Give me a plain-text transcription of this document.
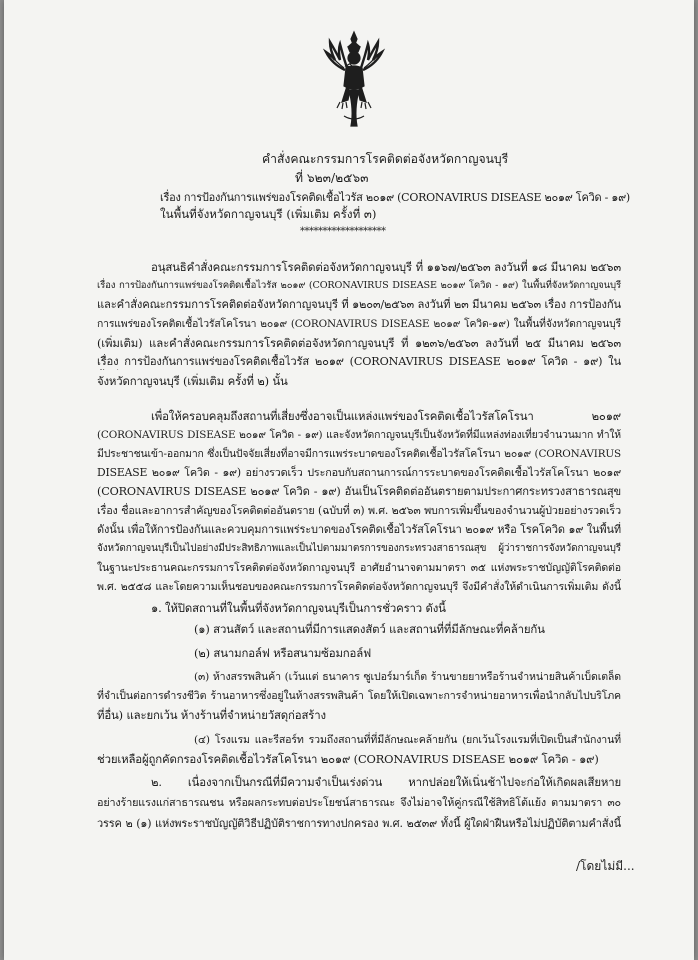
คำสั่งคณะกรรมการโรคติดต่อจังหวัดกาญจนบุรี
ที่ ๖๒๓/๒๕๖๓
เรื่อง การป้องกันการแพร่ของโรคติดเชื้อไวรัส ๒๐๑๙ (CORONAVIRUS DISEASE ๒๐๑๙ โควิด - ๑๙)
ในพื้นที่จังหวัดกาญจนบุรี (เพิ่มเติม ครั้งที่ ๓)
*******************
อนุสนธิคำสั่งคณะกรรมการโรคติดต่อจังหวัดกาญจนบุรี ที่ ๑๑๖๗/๒๕๖๓ ลงวันที่ ๑๘ มีนาคม ๒๕๖๓
เรื่อง การป้องกันการแพร่ของโรคติดเชื้อไวรัส ๒๐๑๙ (CORONAVIRUS DISEASE ๒๐๑๙ โควิด - ๑๙) ในพื้นที่จังหวัดกาญจนบุรี
และคำสั่งคณะกรรมการโรคติดต่อจังหวัดกาญจนบุรี ที่ ๑๒๐๓/๒๕๖๓ ลงวันที่ ๒๓ มีนาคม ๒๕๖๓ เรื่อง การป้องกัน
การแพร่ของโรคติดเชื้อไวรัสโคโรนา ๒๐๑๙ (CORONAVIRUS DISEASE ๒๐๑๙ โควิด-๑๙) ในพื้นที่จังหวัดกาญจนบุรี
(เพิ่มเติม) และคำสั่งคณะกรรมการโรคติดต่อจังหวัดกาญจนบุรี ที่ ๑๒๓๖/๒๕๖๓ ลงวันที่ ๒๕ มีนาคม ๒๕๖๓
เรื่อง การป้องกันการแพร่ของโรคติดเชื้อไวรัส ๒๐๑๙ (CORONAVIRUS DISEASE ๒๐๑๙ โควิด - ๑๙) ใน
จังหวัดกาญจนบุรี (เพิ่มเติม ครั้งที่ ๒) นั้น
เพื่อให้ครอบคลุมถึงสถานที่เสี่ยงซึ่งอาจเป็นแหล่งแพร่ของโรคติดเชื้อไวรัสโคโรนา ๒๐๑๙
(CORONAVIRUS DISEASE ๒๐๑๙ โควิด - ๑๙) และจังหวัดกาญจนบุรีเป็นจังหวัดที่มีแหล่งท่องเที่ยวจำนวนมาก ทำให้
มีประชาชนเข้า-ออกมาก ซึ่งเป็นปัจจัยเสี่ยงที่อาจมีการแพร่ระบาดของโรคติดเชื้อไวรัสโคโรนา ๒๐๑๙ (CORONAVIRUS
DISEASE ๒๐๑๙ โควิด - ๑๙) อย่างรวดเร็ว ประกอบกับสถานการณ์การระบาดของโรคติดเชื้อไวรัสโคโรนา ๒๐๑๙
(CORONAVIRUS DISEASE ๒๐๑๙ โควิด - ๑๙) อันเป็นโรคติดต่ออันตรายตามประกาศกระทรวงสาธารณสุข
เรื่อง ชื่อและอาการสำคัญของโรคติดต่ออันตราย (ฉบับที่ ๓) พ.ศ. ๒๕๖๓ พบการเพิ่มขึ้นของจำนวนผู้ป่วยอย่างรวดเร็ว
ดังนั้น เพื่อให้การป้องกันและควบคุมการแพร่ระบาดของโรคติดเชื้อไวรัสโคโรนา ๒๐๑๙ หรือ โรคโควิด ๑๙ ในพื้นที่
จังหวัดกาญจนบุรีเป็นไปอย่างมีประสิทธิภาพและเป็นไปตามมาตรการของกระทรวงสาธารณสุข ผู้ว่าราชการจังหวัดกาญจนบุรี
ในฐานะประธานคณะกรรมการโรคติดต่อจังหวัดกาญจนบุรี อาศัยอำนาจตามมาตรา ๓๕ แห่งพระราชบัญญัติโรคติดต่อ
พ.ศ. ๒๕๕๘ และโดยความเห็นชอบของคณะกรรมการโรคติดต่อจังหวัดกาญจนบุรี จึงมีคำสั่งให้ดำเนินการเพิ่มเติม ดังนี้
๑. ให้ปิดสถานที่ในพื้นที่จังหวัดกาญจนบุรีเป็นการชั่วคราว ดังนี้
(๑) สวนสัตว์ และสถานที่มีการแสดงสัตว์ และสถานที่ที่มีลักษณะที่คล้ายกัน
(๒) สนามกอล์ฟ หรือสนามซ้อมกอล์ฟ
(๓) ห้างสรรพสินค้า (เว้นแต่ ธนาคาร ซูเปอร์มาร์เก็ต ร้านขายยาหรือร้านจำหน่ายสินค้าเบ็ดเตล็ด
ที่จำเป็นต่อการดำรงชีวิต ร้านอาหารซึ่งอยู่ในห้างสรรพสินค้า โดยให้เปิดเฉพาะการจำหน่ายอาหารเพื่อนำกลับไปบริโภค
ที่อื่น) และยกเว้น ห้างร้านที่จำหน่ายวัสดุก่อสร้าง
(๔) โรงแรม และรีสอร์ท รวมถึงสถานที่ที่มีลักษณะคล้ายกัน (ยกเว้นโรงแรมที่เปิดเป็นสำนักงานที่
ช่วยเหลือผู้ถูกคัดกรองโรคติดเชื้อไวรัสโคโรนา ๒๐๑๙ (CORONAVIRUS DISEASE ๒๐๑๙ โควิด - ๑๙)
๒. เนื่องจากเป็นกรณีที่มีความจำเป็นเร่งด่วน หากปล่อยให้เนิ่นช้าไปจะก่อให้เกิดผลเสียหาย
อย่างร้ายแรงแก่สาธารณชน หรือผลกระทบต่อประโยชน์สาธารณะ จึงไม่อาจให้คู่กรณีใช้สิทธิโต้แย้ง ตามมาตรา ๓๐
วรรค ๒ (๑) แห่งพระราชบัญญัติวิธีปฏิบัติราชการทางปกครอง พ.ศ. ๒๕๓๙ ทั้งนี้ ผู้ใดฝ่าฝืนหรือไม่ปฏิบัติตามคำสั่งนี้
/โดยไม่มี...
